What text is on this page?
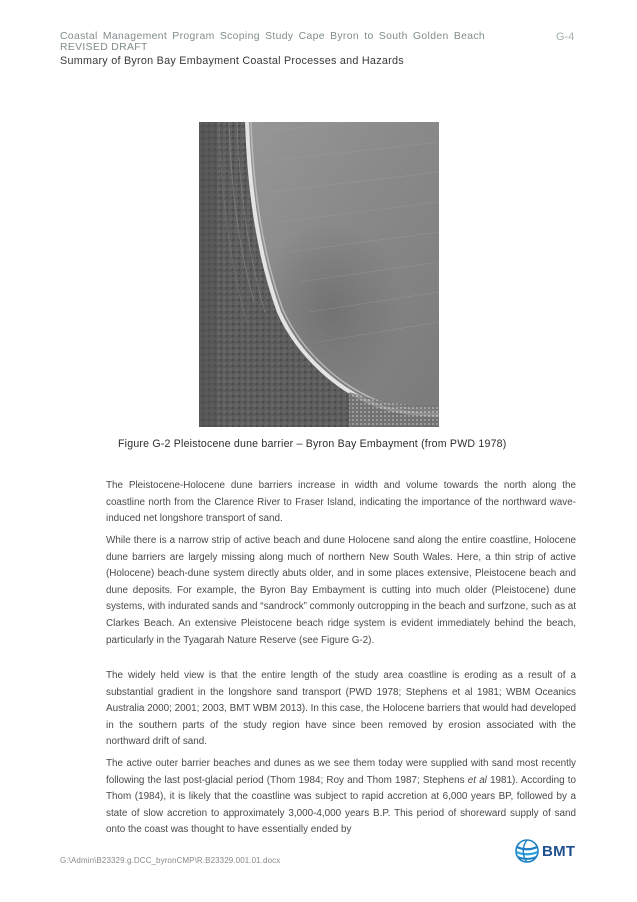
Coastal Management Program Scoping Study Cape Byron to South Golden Beach
REVISED DRAFT
Summary of Byron Bay Embayment Coastal Processes and Hazards
G-4
Figure G-2 Pleistocene dune barrier – Byron Bay Embayment (from PWD 1978)
The Pleistocene-Holocene dune barriers increase in width and volume towards the north along the coastline north from the Clarence River to Fraser Island, indicating the importance of the northward wave-induced net longshore transport of sand.
While there is a narrow strip of active beach and dune Holocene sand along the entire coastline, Holocene dune barriers are largely missing along much of northern New South Wales. Here, a thin strip of active (Holocene) beach-dune system directly abuts older, and in some places extensive, Pleistocene beach and dune deposits. For example, the Byron Bay Embayment is cutting into much older (Pleistocene) dune systems, with indurated sands and “sandrock” commonly outcropping in the beach and surfzone, such as at Clarkes Beach. An extensive Pleistocene beach ridge system is evident immediately behind the beach, particularly in the Tyagarah Nature Reserve (see Figure G-2).
The widely held view is that the entire length of the study area coastline is eroding as a result of a substantial gradient in the longshore sand transport (PWD 1978; Stephens et al 1981; WBM Oceanics Australia 2000; 2001; 2003, BMT WBM 2013). In this case, the Holocene barriers that would had developed in the southern parts of the study region have since been removed by erosion associated with the northward drift of sand.
The active outer barrier beaches and dunes as we see them today were supplied with sand most recently following the last post-glacial period (Thom 1984; Roy and Thom 1987; Stephens et al 1981). According to Thom (1984), it is likely that the coastline was subject to rapid accretion at 6,000 years BP, followed by a state of slow accretion to approximately 3,000-4,000 years B.P. This period of shoreward supply of sand onto the coast was thought to have essentially ended by
G:\Admin\B23329.g.DCC_byronCMP\R.B23329.001.01.docx
BMT
